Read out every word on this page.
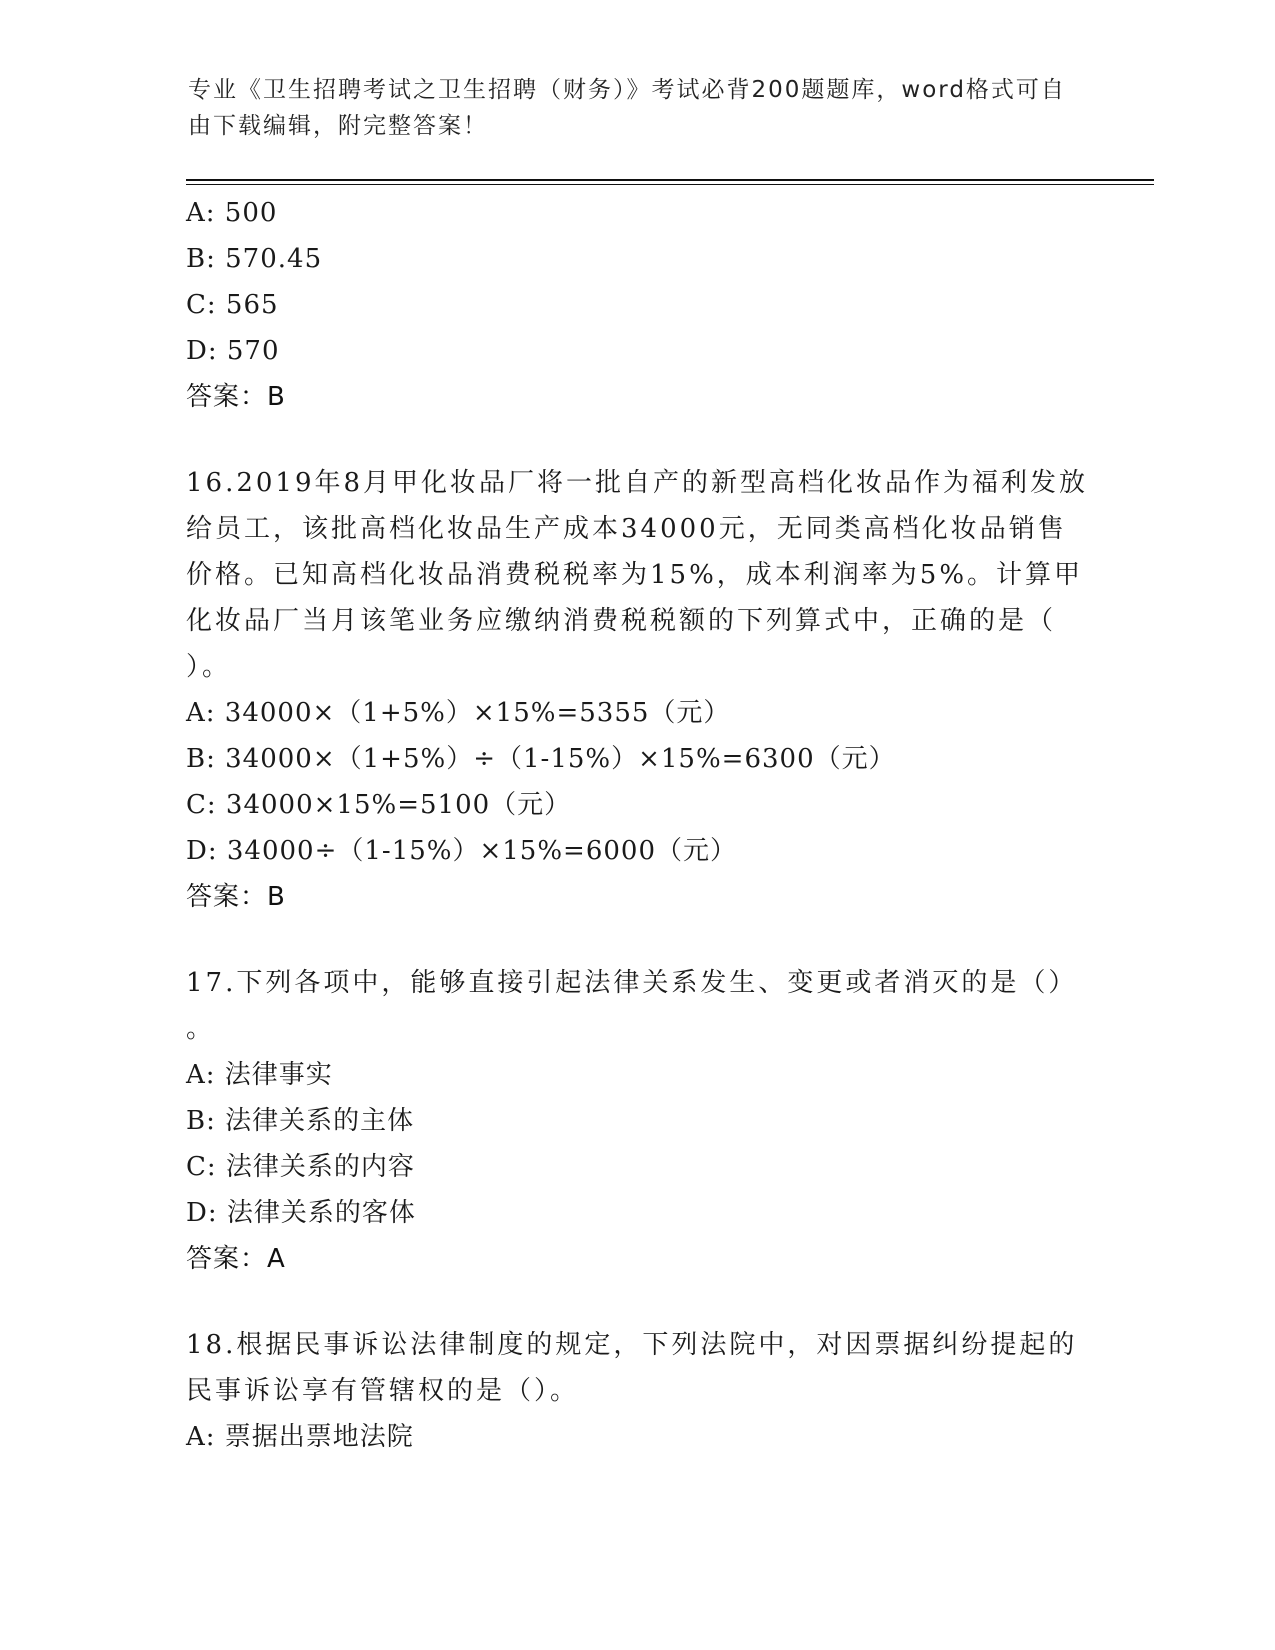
专业《卫生招聘考试之卫生招聘（财务）》考试必背200题题库，word格式可自
由下载编辑，附完整答案！
A: 500
B: 570.45
C: 565
D: 570
答案：B
16.2019年8月甲化妆品厂将一批自产的新型高档化妆品作为福利发放
给员工，该批高档化妆品生产成本34000元，无同类高档化妆品销售
价格。已知高档化妆品消费税税率为15%，成本利润率为5%。计算甲
化妆品厂当月该笔业务应缴纳消费税税额的下列算式中，正确的是（
）。
A: 34000×（1+5%）×15%=5355（元）
B: 34000×（1+5%）÷（1-15%）×15%=6300（元）
C: 34000×15%=5100（元）
D: 34000÷（1-15%）×15%=6000（元）
答案：B
17.下列各项中，能够直接引起法律关系发生、变更或者消灭的是（）
。
A: 法律事实
B: 法律关系的主体
C: 法律关系的内容
D: 法律关系的客体
答案：A
18.根据民事诉讼法律制度的规定，下列法院中，对因票据纠纷提起的
民事诉讼享有管辖权的是（）。
A: 票据出票地法院
